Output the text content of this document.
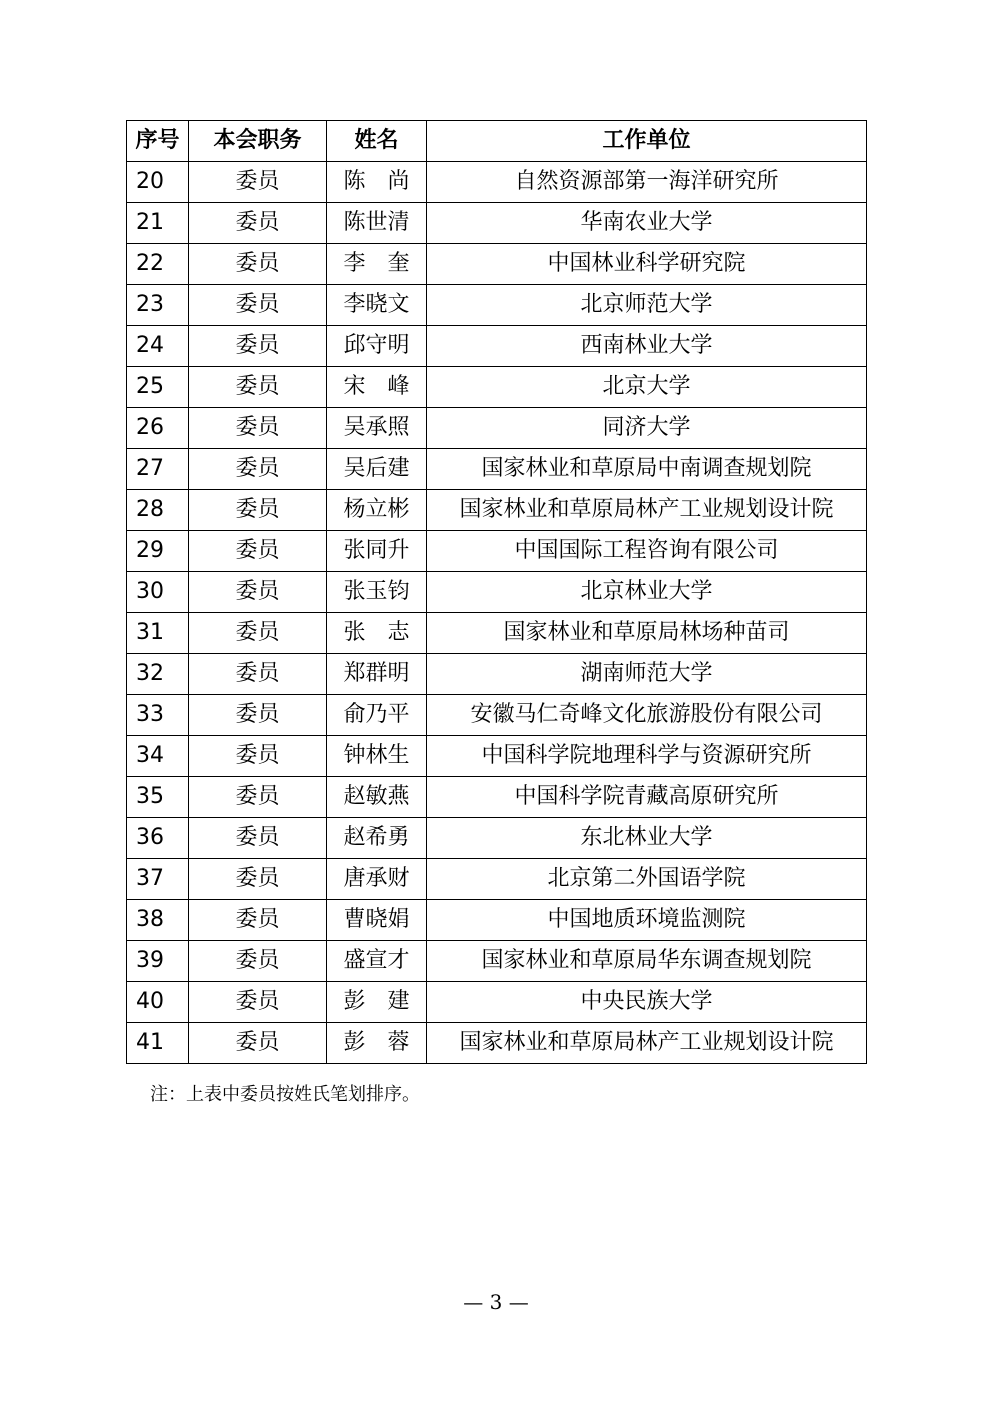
序号	本会职务	姓名	工作单位
20	委员	陈　尚	自然资源部第一海洋研究所
21	委员	陈世清	华南农业大学
22	委员	李　奎	中国林业科学研究院
23	委员	李晓文	北京师范大学
24	委员	邱守明	西南林业大学
25	委员	宋　峰	北京大学
26	委员	吴承照	同济大学
27	委员	吴后建	国家林业和草原局中南调查规划院
28	委员	杨立彬	国家林业和草原局林产工业规划设计院
29	委员	张同升	中国国际工程咨询有限公司
30	委员	张玉钧	北京林业大学
31	委员	张　志	国家林业和草原局林场种苗司
32	委员	郑群明	湖南师范大学
33	委员	俞乃平	安徽马仁奇峰文化旅游股份有限公司
34	委员	钟林生	中国科学院地理科学与资源研究所
35	委员	赵敏燕	中国科学院青藏高原研究所
36	委员	赵希勇	东北林业大学
37	委员	唐承财	北京第二外国语学院
38	委员	曹晓娟	中国地质环境监测院
39	委员	盛宣才	国家林业和草原局华东调查规划院
40	委员	彭　建	中央民族大学
41	委员	彭　蓉	国家林业和草原局林产工业规划设计院
注：上表中委员按姓氏笔划排序。
— 3 —
